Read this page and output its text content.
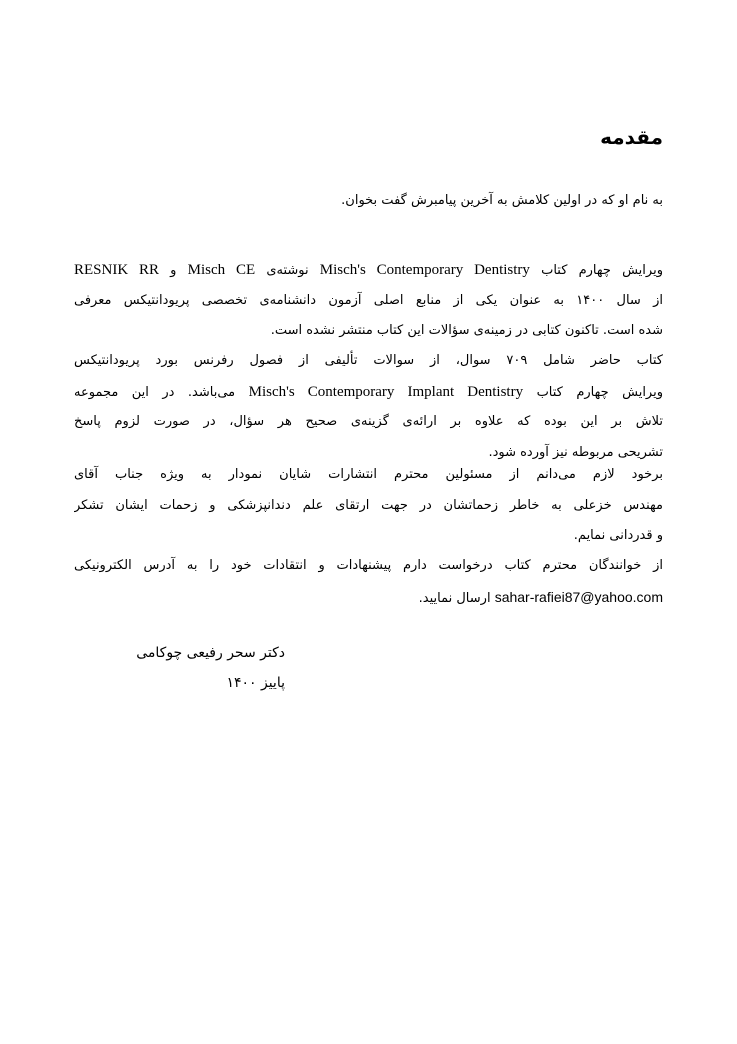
مقدمه
به نام او که در اولین کلامش به آخرین پیامبرش گفت بخوان.
ویرایش چهارم کتاب Misch's Contemporary Dentistry نوشته‌ی Misch CE و RESNIK RR
از سال ۱۴۰۰ به عنوان یکی از منابع اصلی آزمون دانشنامه‌ی تخصصی پریودانتیکس معرفی
شده است. تاکنون کتابی در زمینه‌ی سؤالات این کتاب منتشر نشده است.
کتاب حاضر شامل ۷۰۹ سوال، از سوالات تألیفی از فصول رفرنس بورد پریودانتیکس
ویرایش چهارم کتاب Misch's Contemporary Implant Dentistry می‌باشد. در این مجموعه
تلاش بر این بوده که علاوه بر ارائه‌ی گزینه‌ی صحیح هر سؤال، در صورت لزوم پاسخ
تشریحی مربوطه نیز آورده شود.
برخود لازم می‌دانم از مسئولین محترم انتشارات شایان نمودار به ویژه جناب آقای
مهندس خزعلی به خاطر زحماتشان در جهت ارتقای علم دندانپزشکی و زحمات ایشان تشکر
و قدردانی نمایم.
از خوانندگان محترم کتاب درخواست دارم پیشنهادات و انتقادات خود را به آدرس الکترونیکی
sahar-rafiei87@yahoo.com ارسال نمایید.
دکتر سحر رفیعی چوکامی
پاییز ۱۴۰۰
